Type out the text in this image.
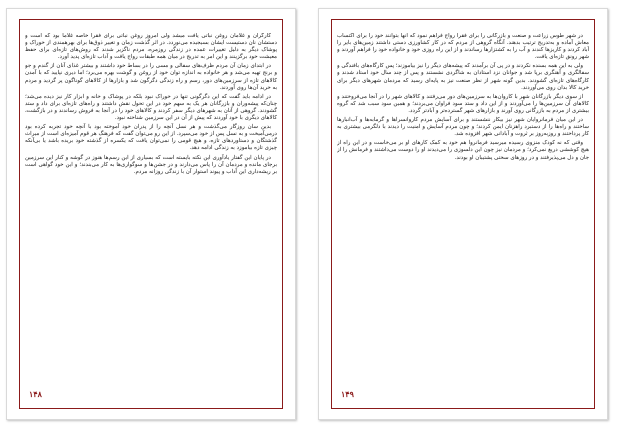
کارگران و غلامان روغن نباتی یافت میشد ولی امروز روغن نباتی برای فقرا خاصه غلاما بود که است و دستشان نان دستیست ایشان بسیجیده می‌نوردد. در اثر گذشت زمان و تغییر ذوق‌ها برای بهرهمندی از خوراک و پوشاک دیگر به دلیل تغییرات عمده در زندگی روزمره، مردم ناگزیر شدند که روش‌های تازه‌ای برای حفظ معیشت خود برگزینند و این امر به تدریج در میان همه طبقات رواج یافت و آداب تازه‌ای پدید آورد.

در ابتدای زمان آن مردم ظرف‌های سفالی و مسی را در بساط خود داشتند و بیشتر غذای آنان از گندم و جو و برنج تهیه می‌شد و هر خانواده به اندازه توان خود از روغن و گوشت بهره می‌برد؛ اما دیری نپایید که با آمدن کالاهای تازه از سرزمین‌های دور، رسم و راه زندگی دگرگون شد و بازارها از کالاهای گوناگون پر گردید و مردم به خرید آن‌ها روی آوردند.

در ادامه باید گفت که این دگرگونی تنها در خوراک نبود بلکه در پوشاک و خانه و ابزار کار نیز دیده می‌شد؛ چنان‌که پیشه‌وران و بازرگانان هر یک به سهم خود در این تحول نقش داشتند و راه‌های تازه‌ای برای داد و ستد گشودند. گروهی از آنان به شهرهای دیگر سفر کردند و کالاهای خود را در آنجا به فروش رساندند و در بازگشت، کالاهای دیگری با خود آوردند که پیش از آن در این سرزمین شناخته نبود.

بدین سان روزگار می‌گذشت و هر نسل آنچه را از پدران خود آموخته بود با آنچه خود تجربه کرده بود درمی‌آمیخت و به نسل پس از خود می‌سپرد. از این رو می‌توان گفت که فرهنگ هر قوم آمیزه‌ای است از میراث گذشتگان و دستاوردهای تازه، و هیچ قومی را نمی‌توان یافت که یکسره از گذشته خود بریده باشد یا بی‌آنکه چیزی تازه بیاموزد به زندگی ادامه دهد.

در پایان این گفتار یادآوری این نکته بایسته است که بسیاری از این رسم‌ها هنوز در گوشه و کنار این سرزمین برجای مانده و مردمان آن را پاس می‌دارند و در جشن‌ها و سوگواری‌ها به کار می‌بندند؛ و این خود گواهی است بر ریشه‌داری این آداب و پیوند استوار آن با زندگی روزانه مردم.

۱۴۸

در شهر طوس زراعت و صنعت و بازرگانی را برای فقرا رواج فراهم نمود که آنها بتوانند خود را برای اکتساب معاش آماده و به‌تدریج ترتیب بدهند. آنگاه گروهی از مردم که در کار کشاورزی دستی داشتند زمین‌های بایر را آباد کردند و کاریزها کندند و آب را به کشتزارها رساندند و از این راه روزی خود و خانواده خود را فراهم آوردند و شهر رونق تازه‌ای یافت.

ولی به این همه بسنده نکردند و در پی آن برآمدند که پیشه‌های دیگر را نیز بیاموزند؛ پس کارگاه‌های بافندگی و سفالگری و آهنگری برپا شد و جوانان نزد استادان به شاگردی نشستند و پس از چند سال خود استاد شدند و کارگاه‌های تازه‌ای گشودند. بدین گونه شهر از نظر صنعت نیز به پایه‌ای رسید که مردمان شهرهای دیگر برای خرید کالا بدان روی می‌آوردند.

از سوی دیگر بازرگانان شهر با کاروان‌ها به سرزمین‌های دور می‌رفتند و کالاهای شهر را در آنجا می‌فروختند و کالاهای آن سرزمین‌ها را می‌آوردند و از این داد و ستد سود فراوان می‌بردند؛ و همین سود سبب شد که گروه بیشتری از مردم به بازرگانی روی آورند و بازارهای شهر گسترده‌تر و آبادتر گردد.

در این میان فرمانروایان شهر نیز بیکار ننشستند و برای آسایش مردم کاروانسراها و گرمابه‌ها و آب‌انبارها ساختند و راه‌ها را از دستبرد راهزنان ایمن کردند؛ و چون مردم آسایش و امنیت را دیدند با دلگرمی بیشتری به کار پرداختند و روزبه‌روز بر ثروت و آبادانی شهر افزوده شد.

وقتی که نه کودک منزوی رسیده میرسید فرمانروا هم خود به کمک کارهای او بر می‌خاست و در این راه از هیچ کوششی دریغ نمی‌کرد؛ و مردمان نیز چون این دلسوزی را می‌دیدند او را دوست می‌داشتند و فرمانش را از جان و دل می‌پذیرفتند و در روزهای سختی پشتیبان او بودند.

۱۴۹
